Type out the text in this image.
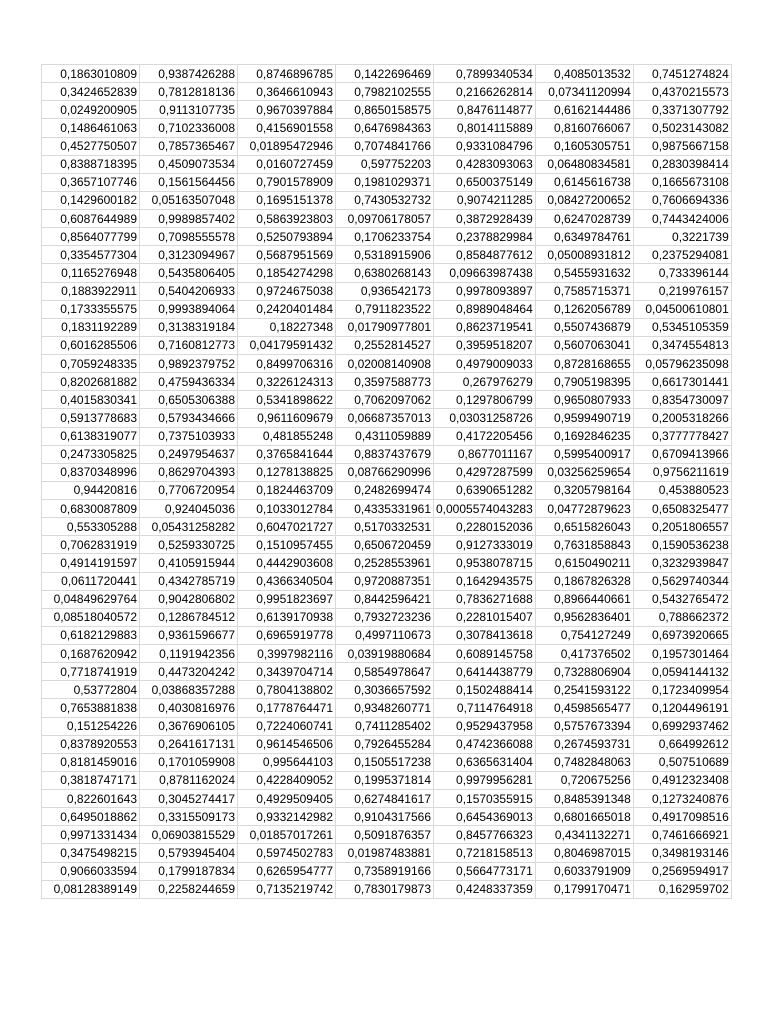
0,1863010809	0,9387426288	0,8746896785	0,1422696469	0,7899340534	0,4085013532	0,7451274824
0,3424652839	0,7812818136	0,3646610943	0,7982102555	0,2166262814	0,07341120994	0,4370215573
0,0249200905	0,9113107735	0,9670397884	0,8650158575	0,8476114877	0,6162144486	0,3371307792
0,1486461063	0,7102336008	0,4156901558	0,6476984363	0,8014115889	0,8160766067	0,5023143082
0,4527750507	0,7857365467	0,01895472946	0,7074841766	0,9331084796	0,1605305751	0,9875667158
0,8388718395	0,4509073534	0,0160727459	0,597752203	0,4283093063	0,06480834581	0,2830398414
0,3657107746	0,1561564456	0,7901578909	0,1981029371	0,6500375149	0,6145616738	0,1665673108
0,1429600182	0,05163507048	0,1695151378	0,7430532732	0,9074211285	0,08427200652	0,7606694336
0,6087644989	0,9989857402	0,5863923803	0,09706178057	0,3872928439	0,6247028739	0,7443424006
0,8564077799	0,7098555578	0,5250793894	0,1706233754	0,2378829984	0,6349784761	0,3221739
0,3354577304	0,3123094967	0,5687951569	0,5318915906	0,8584877612	0,05008931812	0,2375294081
0,1165276948	0,5435806405	0,1854274298	0,6380268143	0,09663987438	0,5455931632	0,733396144
0,1883922911	0,5404206933	0,9724675038	0,936542173	0,9978093897	0,7585715371	0,219976157
0,1733355575	0,9993894064	0,2420401484	0,7911823522	0,8989048464	0,1262056789	0,04500610801
0,1831192289	0,3138319184	0,18227348	0,01790977801	0,8623719541	0,5507436879	0,5345105359
0,6016285506	0,7160812773	0,04179591432	0,2552814527	0,3959518207	0,5607063041	0,3474554813
0,7059248335	0,9892379752	0,8499706316	0,02008140908	0,4979009033	0,8728168655	0,05796235098
0,8202681882	0,4759436334	0,3226124313	0,3597588773	0,267976279	0,7905198395	0,6617301441
0,4015830341	0,6505306388	0,5341898622	0,7062097062	0,1297806799	0,9650807933	0,8354730097
0,5913778683	0,5793434666	0,9611609679	0,06687357013	0,03031258726	0,9599490719	0,2005318266
0,6138319077	0,7375103933	0,481855248	0,4311059889	0,4172205456	0,1692846235	0,3777778427
0,2473305825	0,2497954637	0,3765841644	0,8837437679	0,8677011167	0,5995400917	0,6709413966
0,8370348996	0,8629704393	0,1278138825	0,08766290996	0,4297287599	0,03256259654	0,9756211619
0,94420816	0,7706720954	0,1824463709	0,2482699474	0,6390651282	0,3205798164	0,453880523
0,6830087809	0,924045036	0,1033012784	0,4335331961	0,0005574043283	0,04772879623	0,6508325477
0,553305288	0,05431258282	0,6047021727	0,5170332531	0,2280152036	0,6515826043	0,2051806557
0,7062831919	0,5259330725	0,1510957455	0,6506720459	0,9127333019	0,7631858843	0,1590536238
0,4914191597	0,4105915944	0,4442903608	0,2528553961	0,9538078715	0,6150490211	0,3232939847
0,0611720441	0,4342785719	0,4366340504	0,9720887351	0,1642943575	0,1867826328	0,5629740344
0,04849629764	0,9042806802	0,9951823697	0,8442596421	0,7836271688	0,8966440661	0,5432765472
0,08518040572	0,1286784512	0,6139170938	0,7932723236	0,2281015407	0,9562836401	0,788662372
0,6182129883	0,9361596677	0,6965919778	0,4997110673	0,3078413618	0,754127249	0,6973920665
0,1687620942	0,1191942356	0,3997982116	0,03919880684	0,6089145758	0,417376502	0,1957301464
0,7718741919	0,4473204242	0,3439704714	0,5854978647	0,6414438779	0,7328806904	0,0594144132
0,53772804	0,03868357288	0,7804138802	0,3036657592	0,1502488414	0,2541593122	0,1723409954
0,7653881838	0,4030816976	0,1778764471	0,9348260771	0,7114764918	0,4598565477	0,1204496191
0,151254226	0,3676906105	0,7224060741	0,7411285402	0,9529437958	0,5757673394	0,6992937462
0,8378920553	0,2641617131	0,9614546506	0,7926455284	0,4742366088	0,2674593731	0,664992612
0,8181459016	0,1701059908	0,995644103	0,1505517238	0,6365631404	0,7482848063	0,507510689
0,3818747171	0,8781162024	0,4228409052	0,1995371814	0,9979956281	0,720675256	0,4912323408
0,822601643	0,3045274417	0,4929509405	0,6274841617	0,1570355915	0,8485391348	0,1273240876
0,6495018862	0,3315509173	0,9332142982	0,9104317566	0,6454369013	0,6801665018	0,4917098516
0,9971331434	0,06903815529	0,01857017261	0,5091876357	0,8457766323	0,4341132271	0,7461666921
0,3475498215	0,5793945404	0,5974502783	0,01987483881	0,7218158513	0,8046987015	0,3498193146
0,9066033594	0,1799187834	0,6265954777	0,7358919166	0,5664773171	0,6033791909	0,2569594917
0,08128389149	0,2258244659	0,7135219742	0,7830179873	0,4248337359	0,1799170471	0,162959702
